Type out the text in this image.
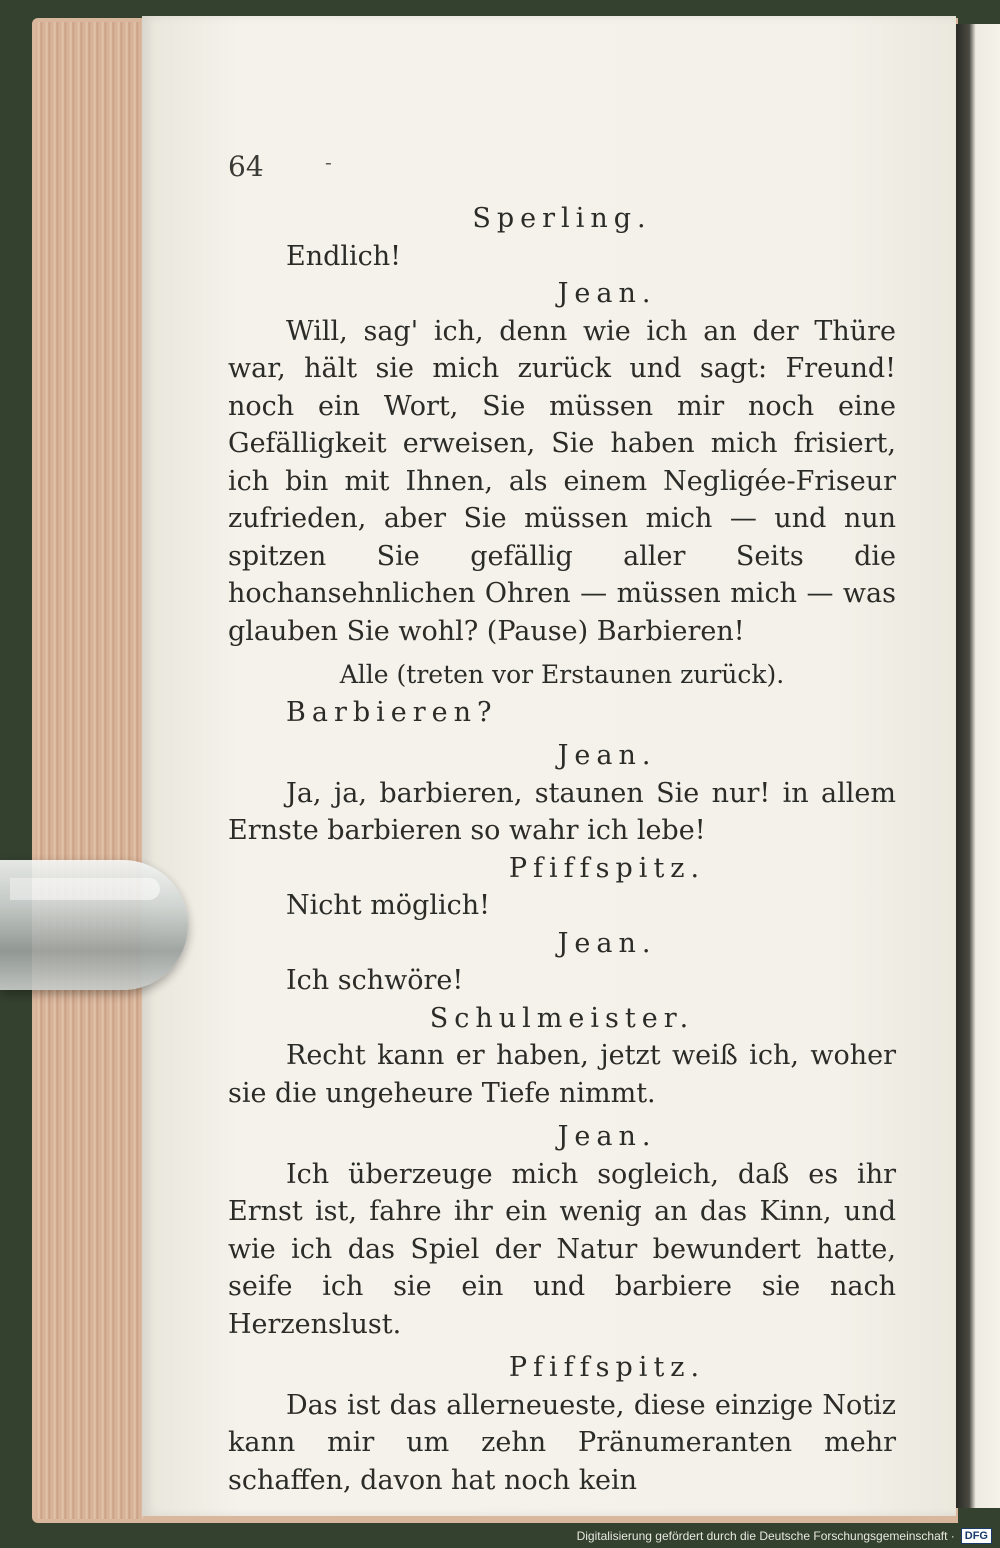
64	-

Sperling.

Endlich!

Jean.

Will, sag' ich, denn wie ich an der Thüre war, hält sie mich zurück und sagt: Freund! noch ein Wort, Sie müssen mir noch eine Gefälligkeit erweisen, Sie haben mich frisiert, ich bin mit Ihnen, als einem Negligée-Friseur zufrieden, aber Sie müssen mich — und nun spitzen Sie gefällig aller Seits die hochansehnlichen Ohren — müssen mich — was glauben Sie wohl? (Pause) Barbieren!

Alle (treten vor Erstaunen zurück).

Barbieren?

Jean.

Ja, ja, barbieren, staunen Sie nur! in allem Ernste barbieren so wahr ich lebe!

Pfiffspitz.

Nicht möglich!

Jean.

Ich schwöre!

Schulmeister.

Recht kann er haben, jetzt weiß ich, woher sie die ungeheure Tiefe nimmt.

Jean.

Ich überzeuge mich sogleich, daß es ihr Ernst ist, fahre ihr ein wenig an das Kinn, und wie ich das Spiel der Natur bewundert hatte, seife ich sie ein und barbiere sie nach Herzenslust.

Pfiffspitz.

Das ist das allerneueste, diese einzige Notiz kann mir um zehn Pränumeranten mehr schaffen, davon hat noch kein

Digitalisierung gefördert durch die Deutsche Forschungsgemeinschaft · DFG
